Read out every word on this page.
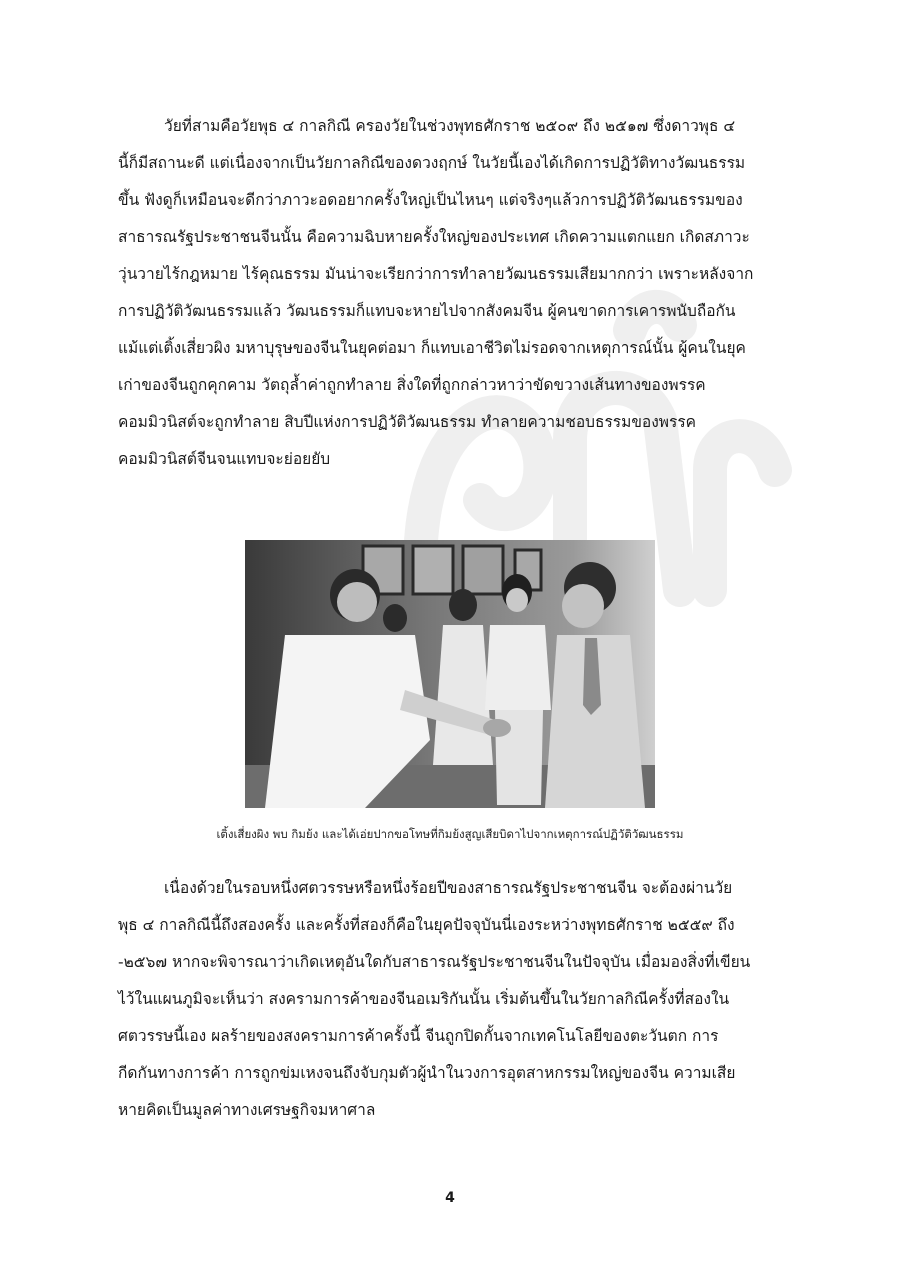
วัยที่สามคือวัยพุธ ๔ กาลกิณี ครองวัยในช่วงพุทธศักราช ๒๕๐๙ ถึง ๒๕๑๗ ซึ่งดาวพุธ ๔
นี้ก็มีสถานะดี แต่เนื่องจากเป็นวัยกาลกิณีของดวงฤกษ์ ในวัยนี้เองได้เกิดการปฏิวัติทางวัฒนธรรม
ขึ้น ฟังดูก็เหมือนจะดีกว่าภาวะอดอยากครั้งใหญ่เป็นไหนๆ แต่จริงๆแล้วการปฏิวัติวัฒนธรรมของ
สาธารณรัฐประชาชนจีนนั้น คือความฉิบหายครั้งใหญ่ของประเทศ เกิดความแตกแยก เกิดสภาวะ
วุ่นวายไร้กฎหมาย ไร้คุณธรรม มันน่าจะเรียกว่าการทำลายวัฒนธรรมเสียมากกว่า เพราะหลังจาก
การปฏิวัติวัฒนธรรมแล้ว วัฒนธรรมก็แทบจะหายไปจากสังคมจีน ผู้คนขาดการเคารพนับถือกัน
แม้แต่เติ้งเสี่ยวผิง มหาบุรุษของจีนในยุคต่อมา ก็แทบเอาชีวิตไม่รอดจากเหตุการณ์นั้น ผู้คนในยุค
เก่าของจีนถูกคุกคาม วัตถุล้ำค่าถูกทำลาย สิ่งใดที่ถูกกล่าวหาว่าขัดขวางเส้นทางของพรรค
คอมมิวนิสต์จะถูกทำลาย สิบปีแห่งการปฏิวัติวัฒนธรรม ทำลายความชอบธรรมของพรรค
คอมมิวนิสต์จีนจนแทบจะย่อยยับ
เติ้งเสี่ยงผิง พบ กิมย้ง และได้เอ่ยปากขอโทษที่กิมย้งสูญเสียบิดาไปจากเหตุการณ์ปฏิวัติวัฒนธรรม
เนื่องด้วยในรอบหนึ่งศตวรรษหรือหนึ่งร้อยปีของสาธารณรัฐประชาชนจีน จะต้องผ่านวัย
พุธ ๔ กาลกิณีนี้ถึงสองครั้ง และครั้งที่สองก็คือในยุคปัจจุบันนี่เองระหว่างพุทธศักราช ๒๕๕๙ ถึง
-๒๕๖๗ หากจะพิจารณาว่าเกิดเหตุอันใดกับสาธารณรัฐประชาชนจีนในปัจจุบัน เมื่อมองสิ่งที่เขียน
ไว้ในแผนภูมิจะเห็นว่า สงครามการค้าของจีนอเมริกันนั้น เริ่มต้นขึ้นในวัยกาลกิณีครั้งที่สองใน
ศตวรรษนี้เอง ผลร้ายของสงครามการค้าครั้งนี้ จีนถูกปิดกั้นจากเทคโนโลยีของตะวันตก การ
กีดกันทางการค้า การถูกข่มเหงจนถึงจับกุมตัวผู้นำในวงการอุตสาหกรรมใหญ่ของจีน ความเสีย
หายคิดเป็นมูลค่าทางเศรษฐกิจมหาศาล
4
